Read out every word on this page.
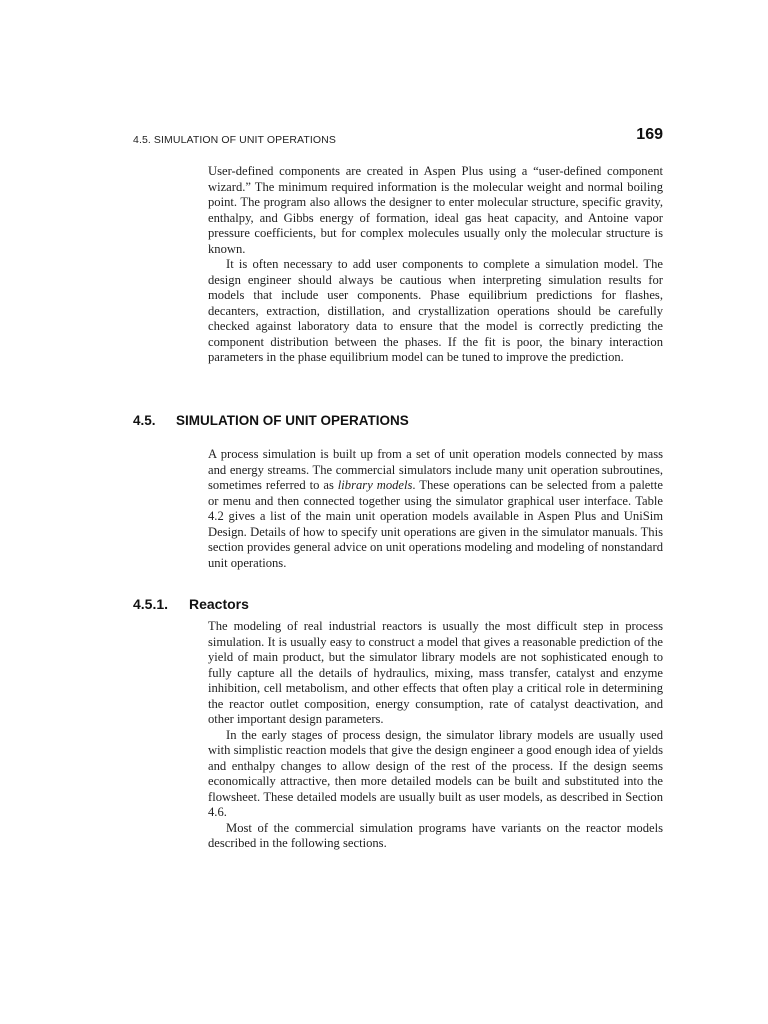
4.5. SIMULATION OF UNIT OPERATIONS	169

User-defined components are created in Aspen Plus using a “user-defined component wizard.” The minimum required information is the molecular weight and normal boiling point. The program also allows the designer to enter molecular structure, specific gravity, enthalpy, and Gibbs energy of formation, ideal gas heat capacity, and Antoine vapor pressure coefficients, but for complex molecules usually only the molecular structure is known.

It is often necessary to add user components to complete a simulation model. The design engineer should always be cautious when interpreting simulation results for models that include user components. Phase equilibrium predictions for flashes, decanters, extraction, distillation, and crystallization operations should be carefully checked against laboratory data to ensure that the model is correctly predicting the component distribution between the phases. If the fit is poor, the binary interaction parameters in the phase equilibrium model can be tuned to improve the prediction.

4.5. SIMULATION OF UNIT OPERATIONS

A process simulation is built up from a set of unit operation models connected by mass and energy streams. The commercial simulators include many unit operation subroutines, sometimes referred to as library models. These operations can be selected from a palette or menu and then connected together using the simulator graphical user interface. Table 4.2 gives a list of the main unit operation models available in Aspen Plus and UniSim Design. Details of how to specify unit operations are given in the simulator manuals. This section provides general advice on unit operations modeling and modeling of nonstandard unit operations.

4.5.1. Reactors

The modeling of real industrial reactors is usually the most difficult step in process simulation. It is usually easy to construct a model that gives a reasonable prediction of the yield of main product, but the simulator library models are not sophisticated enough to fully capture all the details of hydraulics, mixing, mass transfer, catalyst and enzyme inhibition, cell metabolism, and other effects that often play a critical role in determining the reactor outlet composition, energy consumption, rate of catalyst deactivation, and other important design parameters.

In the early stages of process design, the simulator library models are usually used with simplistic reaction models that give the design engineer a good enough idea of yields and enthalpy changes to allow design of the rest of the process. If the design seems economically attractive, then more detailed models can be built and substituted into the flowsheet. These detailed models are usually built as user models, as described in Section 4.6.

Most of the commercial simulation programs have variants on the reactor models described in the following sections.
